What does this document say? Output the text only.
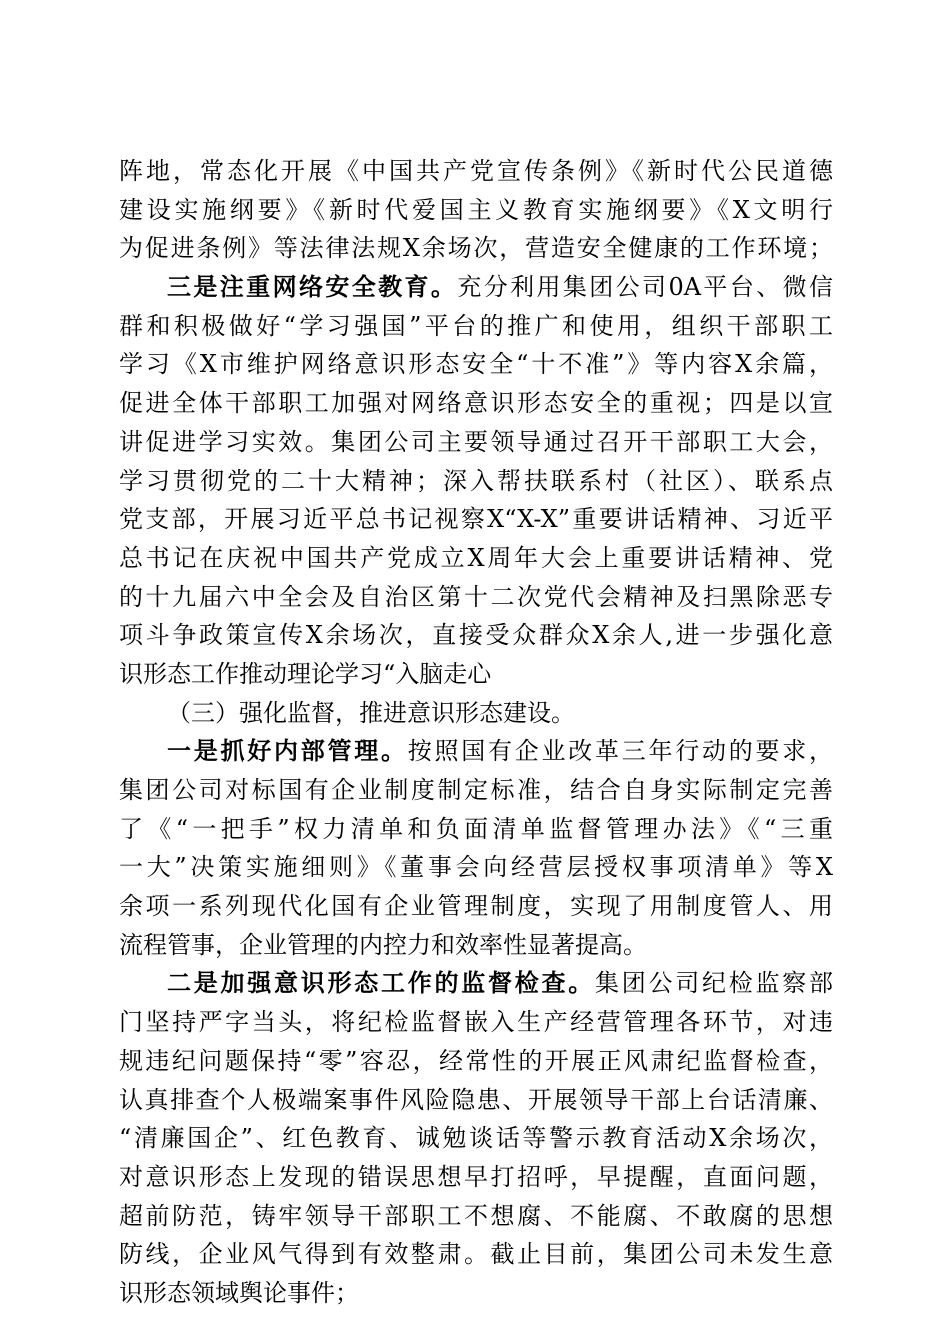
阵地，常态化开展《中国共产党宣传条例》《新时代公民道德
建设实施纲要》《新时代爱国主义教育实施纲要》《X文明行
为促进条例》等法律法规X余场次，营造安全健康的工作环境；
三是注重网络安全教育。充分利用集团公司0A平台、微信
群和积极做好“学习强国”平台的推广和使用，组织干部职工
学习《X市维护网络意识形态安全“十不准”》等内容X余篇，
促进全体干部职工加强对网络意识形态安全的重视；四是以宣
讲促进学习实效。集团公司主要领导通过召开干部职工大会，
学习贯彻党的二十大精神；深入帮扶联系村（社区）、联系点
党支部，开展习近平总书记视察X“X-X”重要讲话精神、习近平
总书记在庆祝中国共产党成立X周年大会上重要讲话精神、党
的十九届六中全会及自治区第十二次党代会精神及扫黑除恶专
项斗争政策宣传X余场次，直接受众群众X余人,进一步强化意
识形态工作推动理论学习“入脑走心
（三）强化监督，推进意识形态建设。
一是抓好内部管理。按照国有企业改革三年行动的要求，
集团公司对标国有企业制度制定标准，结合自身实际制定完善
了《“一把手”权力清单和负面清单监督管理办法》《“三重
一大”决策实施细则》《董事会向经营层授权事项清单》等X
余项一系列现代化国有企业管理制度，实现了用制度管人、用
流程管事，企业管理的内控力和效率性显著提高。
二是加强意识形态工作的监督检查。集团公司纪检监察部
门坚持严字当头，将纪检监督嵌入生产经营管理各环节，对违
规违纪问题保持“零”容忍，经常性的开展正风肃纪监督检查，
认真排查个人极端案事件风险隐患、开展领导干部上台话清廉、
“清廉国企”、红色教育、诚勉谈话等警示教育活动X余场次，
对意识形态上发现的错误思想早打招呼，早提醒，直面问题，
超前防范，铸牢领导干部职工不想腐、不能腐、不敢腐的思想
防线，企业风气得到有效整肃。截止目前，集团公司未发生意
识形态领域舆论事件；
